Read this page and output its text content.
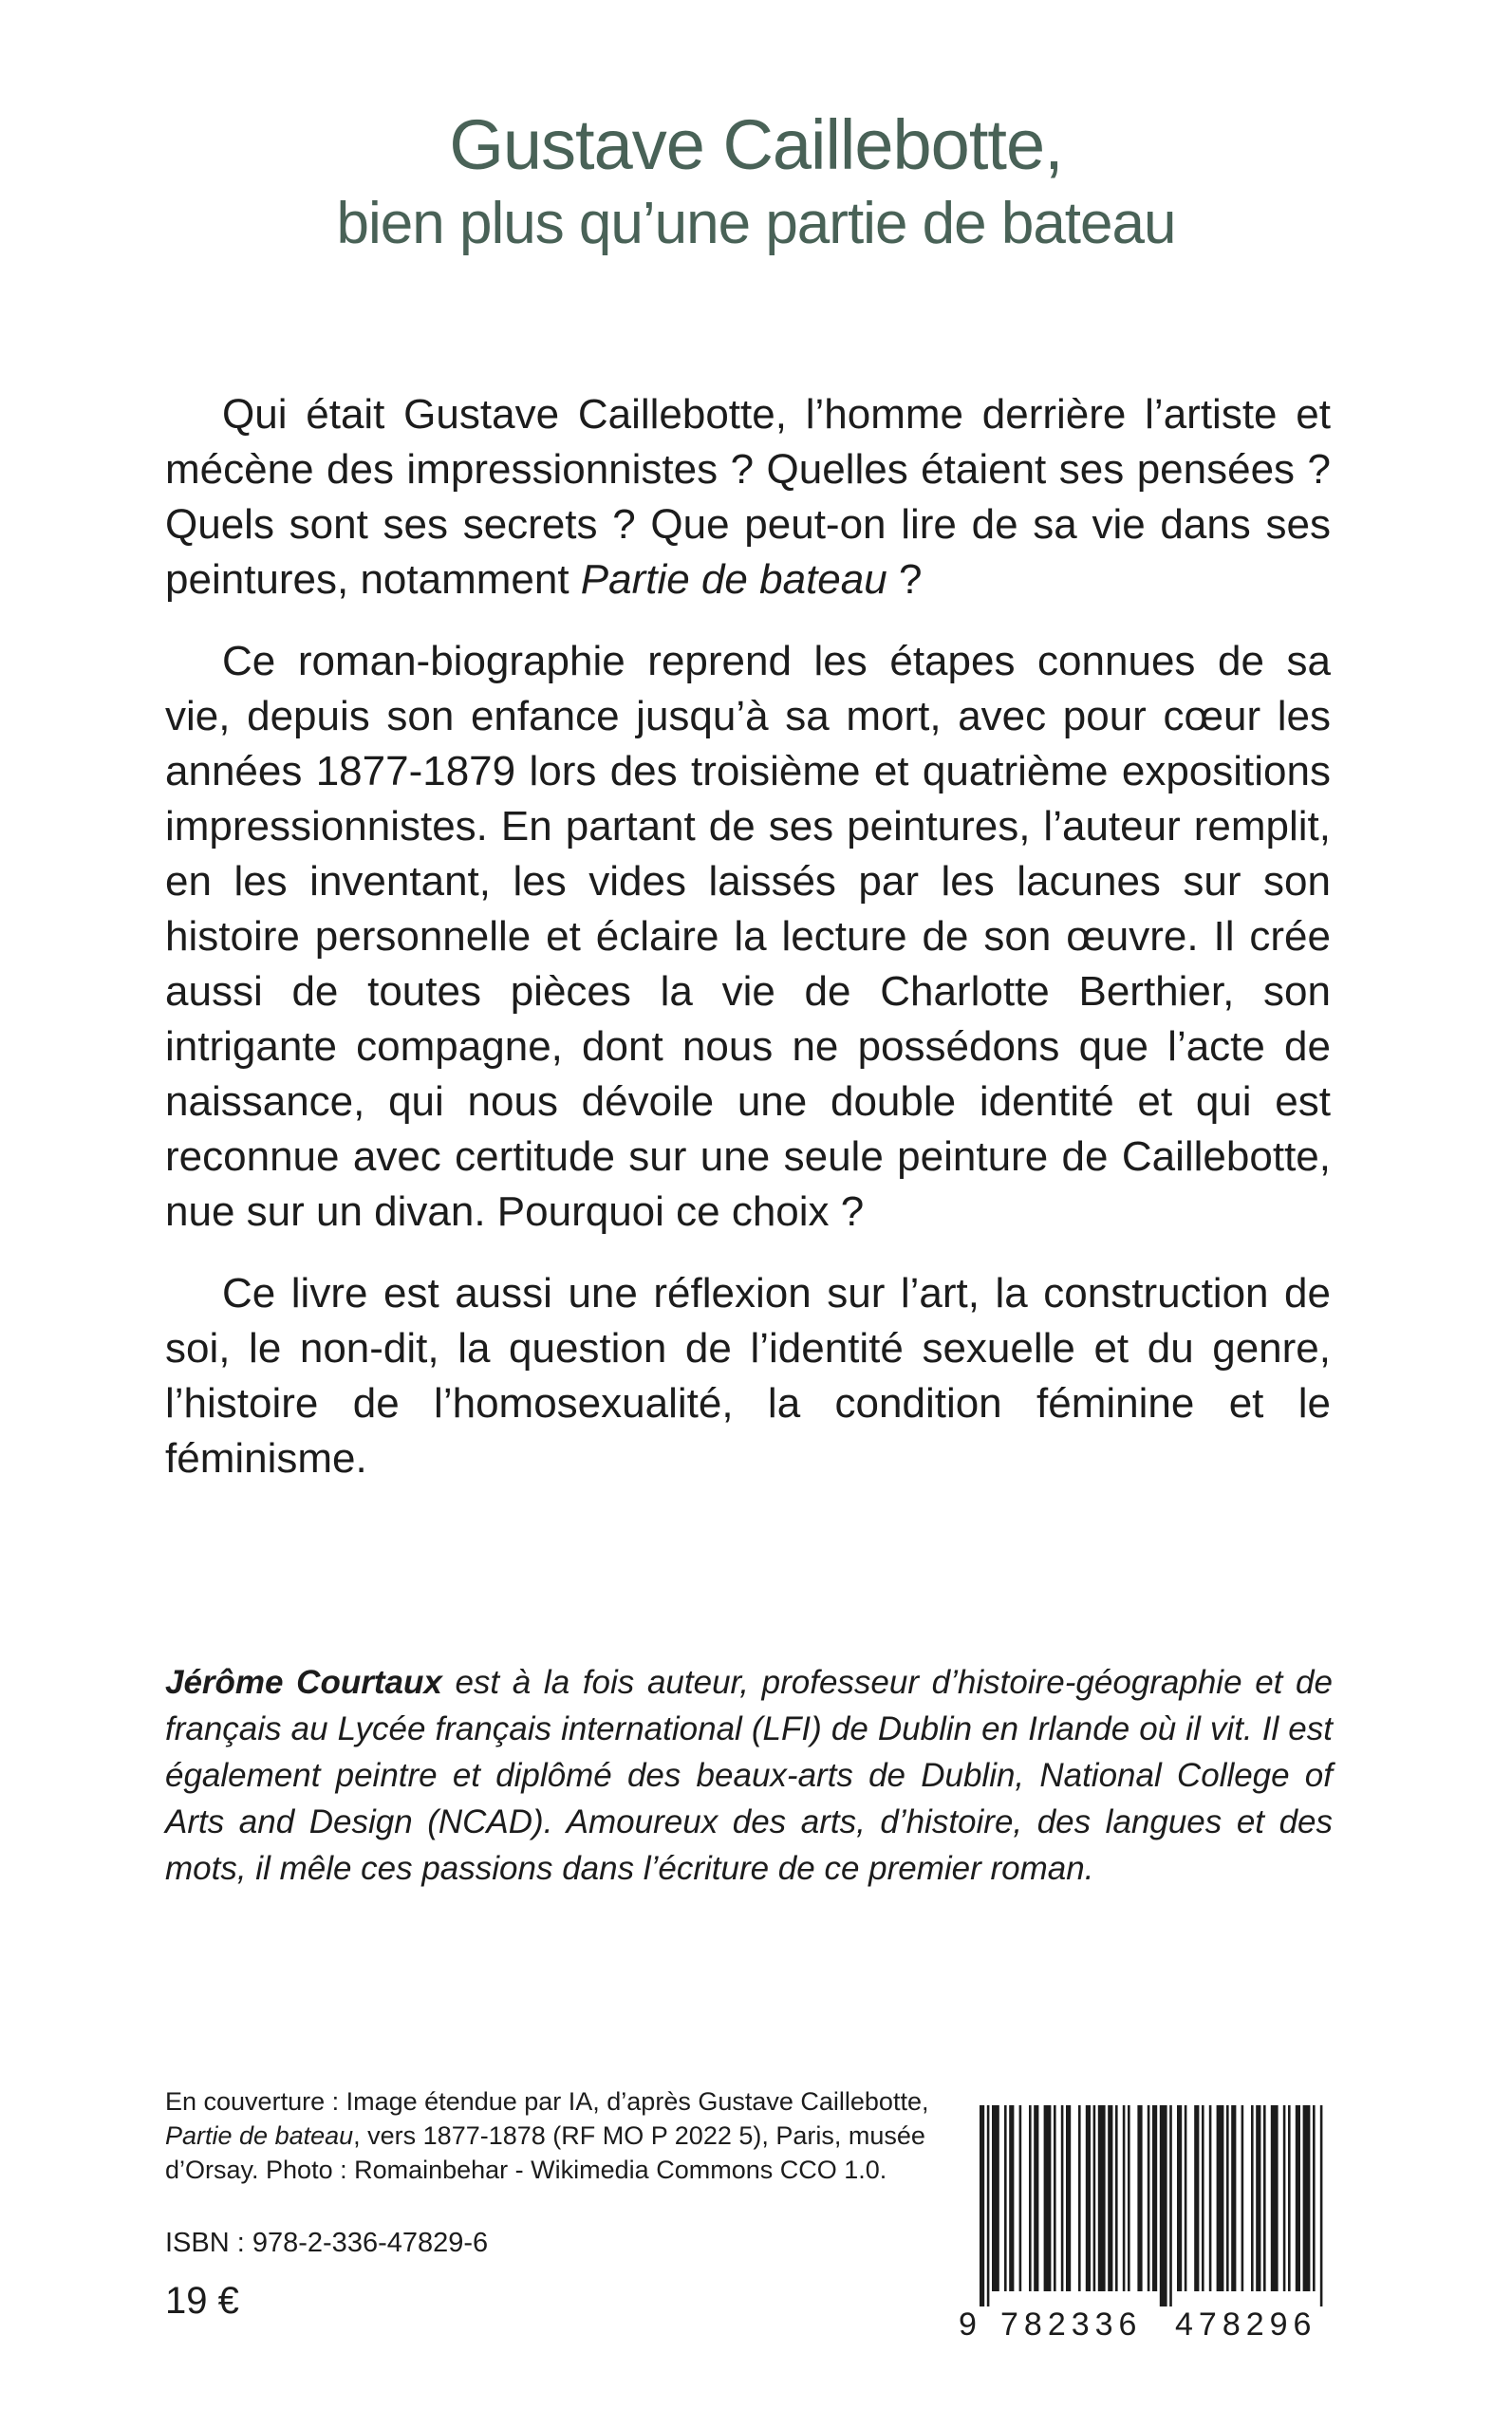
Gustave Caillebotte,
bien plus qu’une partie de bateau

Qui était Gustave Caillebotte, l’homme derrière l’artiste et mécène des impressionnistes ? Quelles étaient ses pensées ? Quels sont ses secrets ? Que peut-on lire de sa vie dans ses peintures, notamment Partie de bateau ?

Ce roman-biographie reprend les étapes connues de sa vie, depuis son enfance jusqu’à sa mort, avec pour cœur les années 1877-1879 lors des troisième et quatrième expositions impressionnistes. En partant de ses peintures, l’auteur remplit, en les inventant, les vides laissés par les lacunes sur son histoire personnelle et éclaire la lecture de son œuvre. Il crée aussi de toutes pièces la vie de Charlotte Berthier, son intrigante compagne, dont nous ne possédons que l’acte de naissance, qui nous dévoile une double identité et qui est reconnue avec certitude sur une seule peinture de Caillebotte, nue sur un divan. Pourquoi ce choix ?

Ce livre est aussi une réflexion sur l’art, la construction de soi, le non-dit, la question de l’identité sexuelle et du genre, l’histoire de l’homosexualité, la condition féminine et le féminisme.

Jérôme Courtaux est à la fois auteur, professeur d’histoire-géographie et de français au Lycée français international (LFI) de Dublin en Irlande où il vit. Il est également peintre et diplômé des beaux-arts de Dublin, National College of Arts and Design (NCAD). Amoureux des arts, d’histoire, des langues et des mots, il mêle ces passions dans l’écriture de ce premier roman.
En couverture : Image étendue par IA, d’après Gustave Caillebotte, Partie de bateau, vers 1877-1878 (RF MO P 2022 5), Paris, musée d’Orsay. Photo : Romainbehar - Wikimedia Commons CCO 1.0.
ISBN : 978-2-336-47829-6
19 €
9 782336 478296
